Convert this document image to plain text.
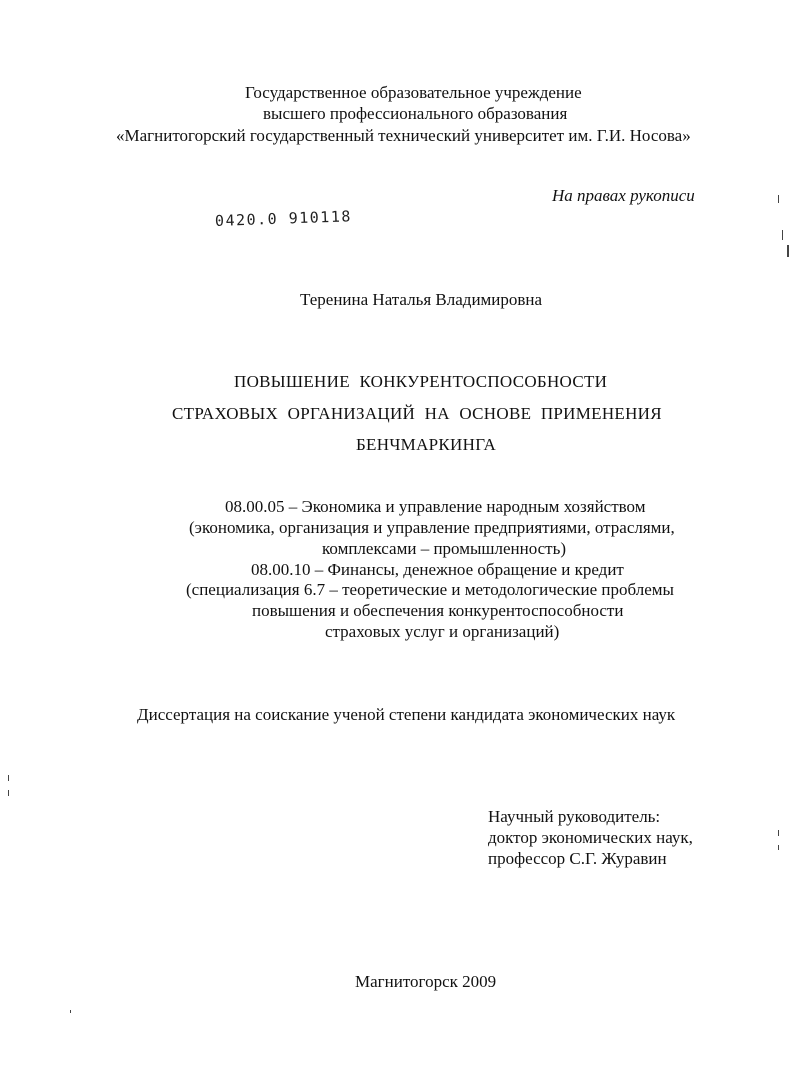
Государственное образовательное учреждение
высшего профессионального образования
«Магнитогорский государственный технический университет им. Г.И. Носова»
На правах рукописи
0420.0 910118
Теренина Наталья Владимировна
ПОВЫШЕНИЕ КОНКУРЕНТОСПОСОБНОСТИ
СТРАХОВЫХ ОРГАНИЗАЦИЙ НА ОСНОВЕ ПРИМЕНЕНИЯ
БЕНЧМАРКИНГА
08.00.05 – Экономика и управление народным хозяйством
(экономика, организация и управление предприятиями, отраслями,
комплексами – промышленность)
08.00.10 – Финансы, денежное обращение и кредит
(специализация 6.7 – теоретические и методологические проблемы
повышения и обеспечения конкурентоспособности
страховых услуг и организаций)
Диссертация на соискание ученой степени кандидата экономических наук
Научный руководитель:
доктор экономических наук,
профессор С.Г. Журавин
Магнитогорск 2009
